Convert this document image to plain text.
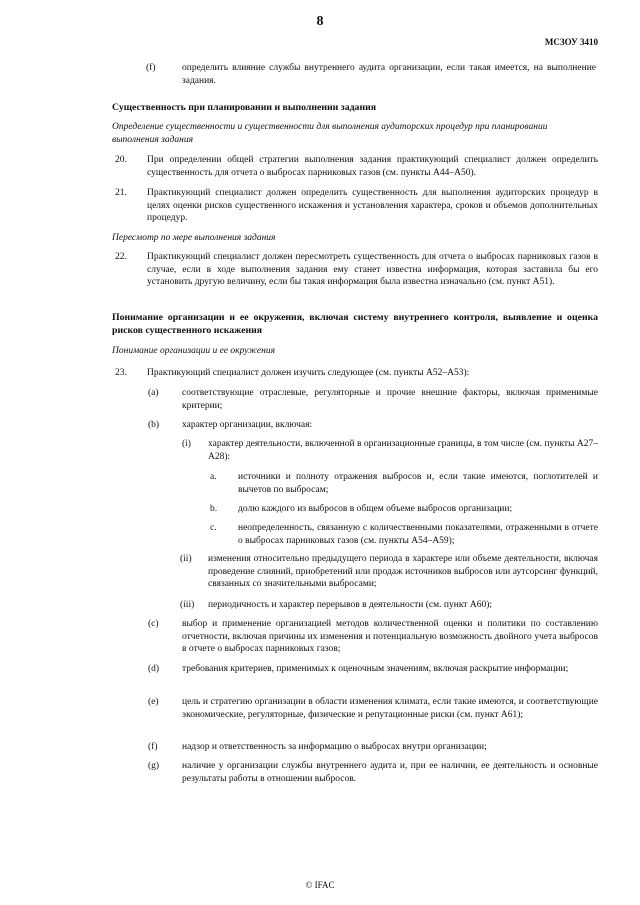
8
МСЗОУ 3410
(f)	определить влияние службы внутреннего аудита организации, если такая имеется, на выполнение задания.
Существенность при планировании и выполнении задания
Определение существенности и существенности для выполнения аудиторских процедур при планировании выполнения задания
20. При определении общей стратегии выполнения задания практикующий специалист должен определить существенность для отчета о выбросах парниковых газов (см. пункты A44–A50).
21. Практикующий специалист должен определить существенность для выполнения аудиторских процедур в целях оценки рисков существенного искажения и установления характера, сроков и объемов дополнительных процедур.
Пересмотр по мере выполнения задания
22. Практикующий специалист должен пересмотреть существенность для отчета о выбросах парниковых газов в случае, если в ходе выполнения задания ему станет известна информация, которая заставила бы его установить другую величину, если бы такая информация была известна изначально (см. пункт A51).
Понимание организации и ее окружения, включая систему внутреннего контроля, выявление и оценка рисков существенного искажения
Понимание организации и ее окружения
23. Практикующий специалист должен изучить следующее (см. пункты A52–A53):
(a) соответствующие отраслевые, регуляторные и прочие внешние факторы, включая применимые критерии;
(b) характер организации, включая:
(i) характер деятельности, включенной в организационные границы, в том числе (см. пункты A27–A28):
a. источники и полноту отражения выбросов и, если такие имеются, поглотителей и вычетов по выбросам;
b. долю каждого из выбросов в общем объеме выбросов организации;
c. неопределенность, связанную с количественными показателями, отраженными в отчете о выбросах парниковых газов (см. пункты A54–A59);
(ii) изменения относительно предыдущего периода в характере или объеме деятельности, включая проведение слияний, приобретений или продаж источников выбросов или аутсорсинг функций, связанных со значительными выбросами;
(iii) периодичность и характер перерывов в деятельности (см. пункт A60);
(c) выбор и применение организацией методов количественной оценки и политики по составлению отчетности, включая причины их изменения и потенциальную возможность двойного учета выбросов в отчете о выбросах парниковых газов;
(d) требования критериев, применимых к оценочным значениям, включая раскрытие информации;
(e) цель и стратегию организации в области изменения климата, если такие имеются, и соответствующие экономические, регуляторные, физические и репутационные риски (см. пункт A61);
(f)	надзор и ответственность за информацию о выбросах внутри организации;
(g) наличие у организации службы внутреннего аудита и, при ее наличии, ее деятельность и основные результаты работы в отношении выбросов.
© IFAC
